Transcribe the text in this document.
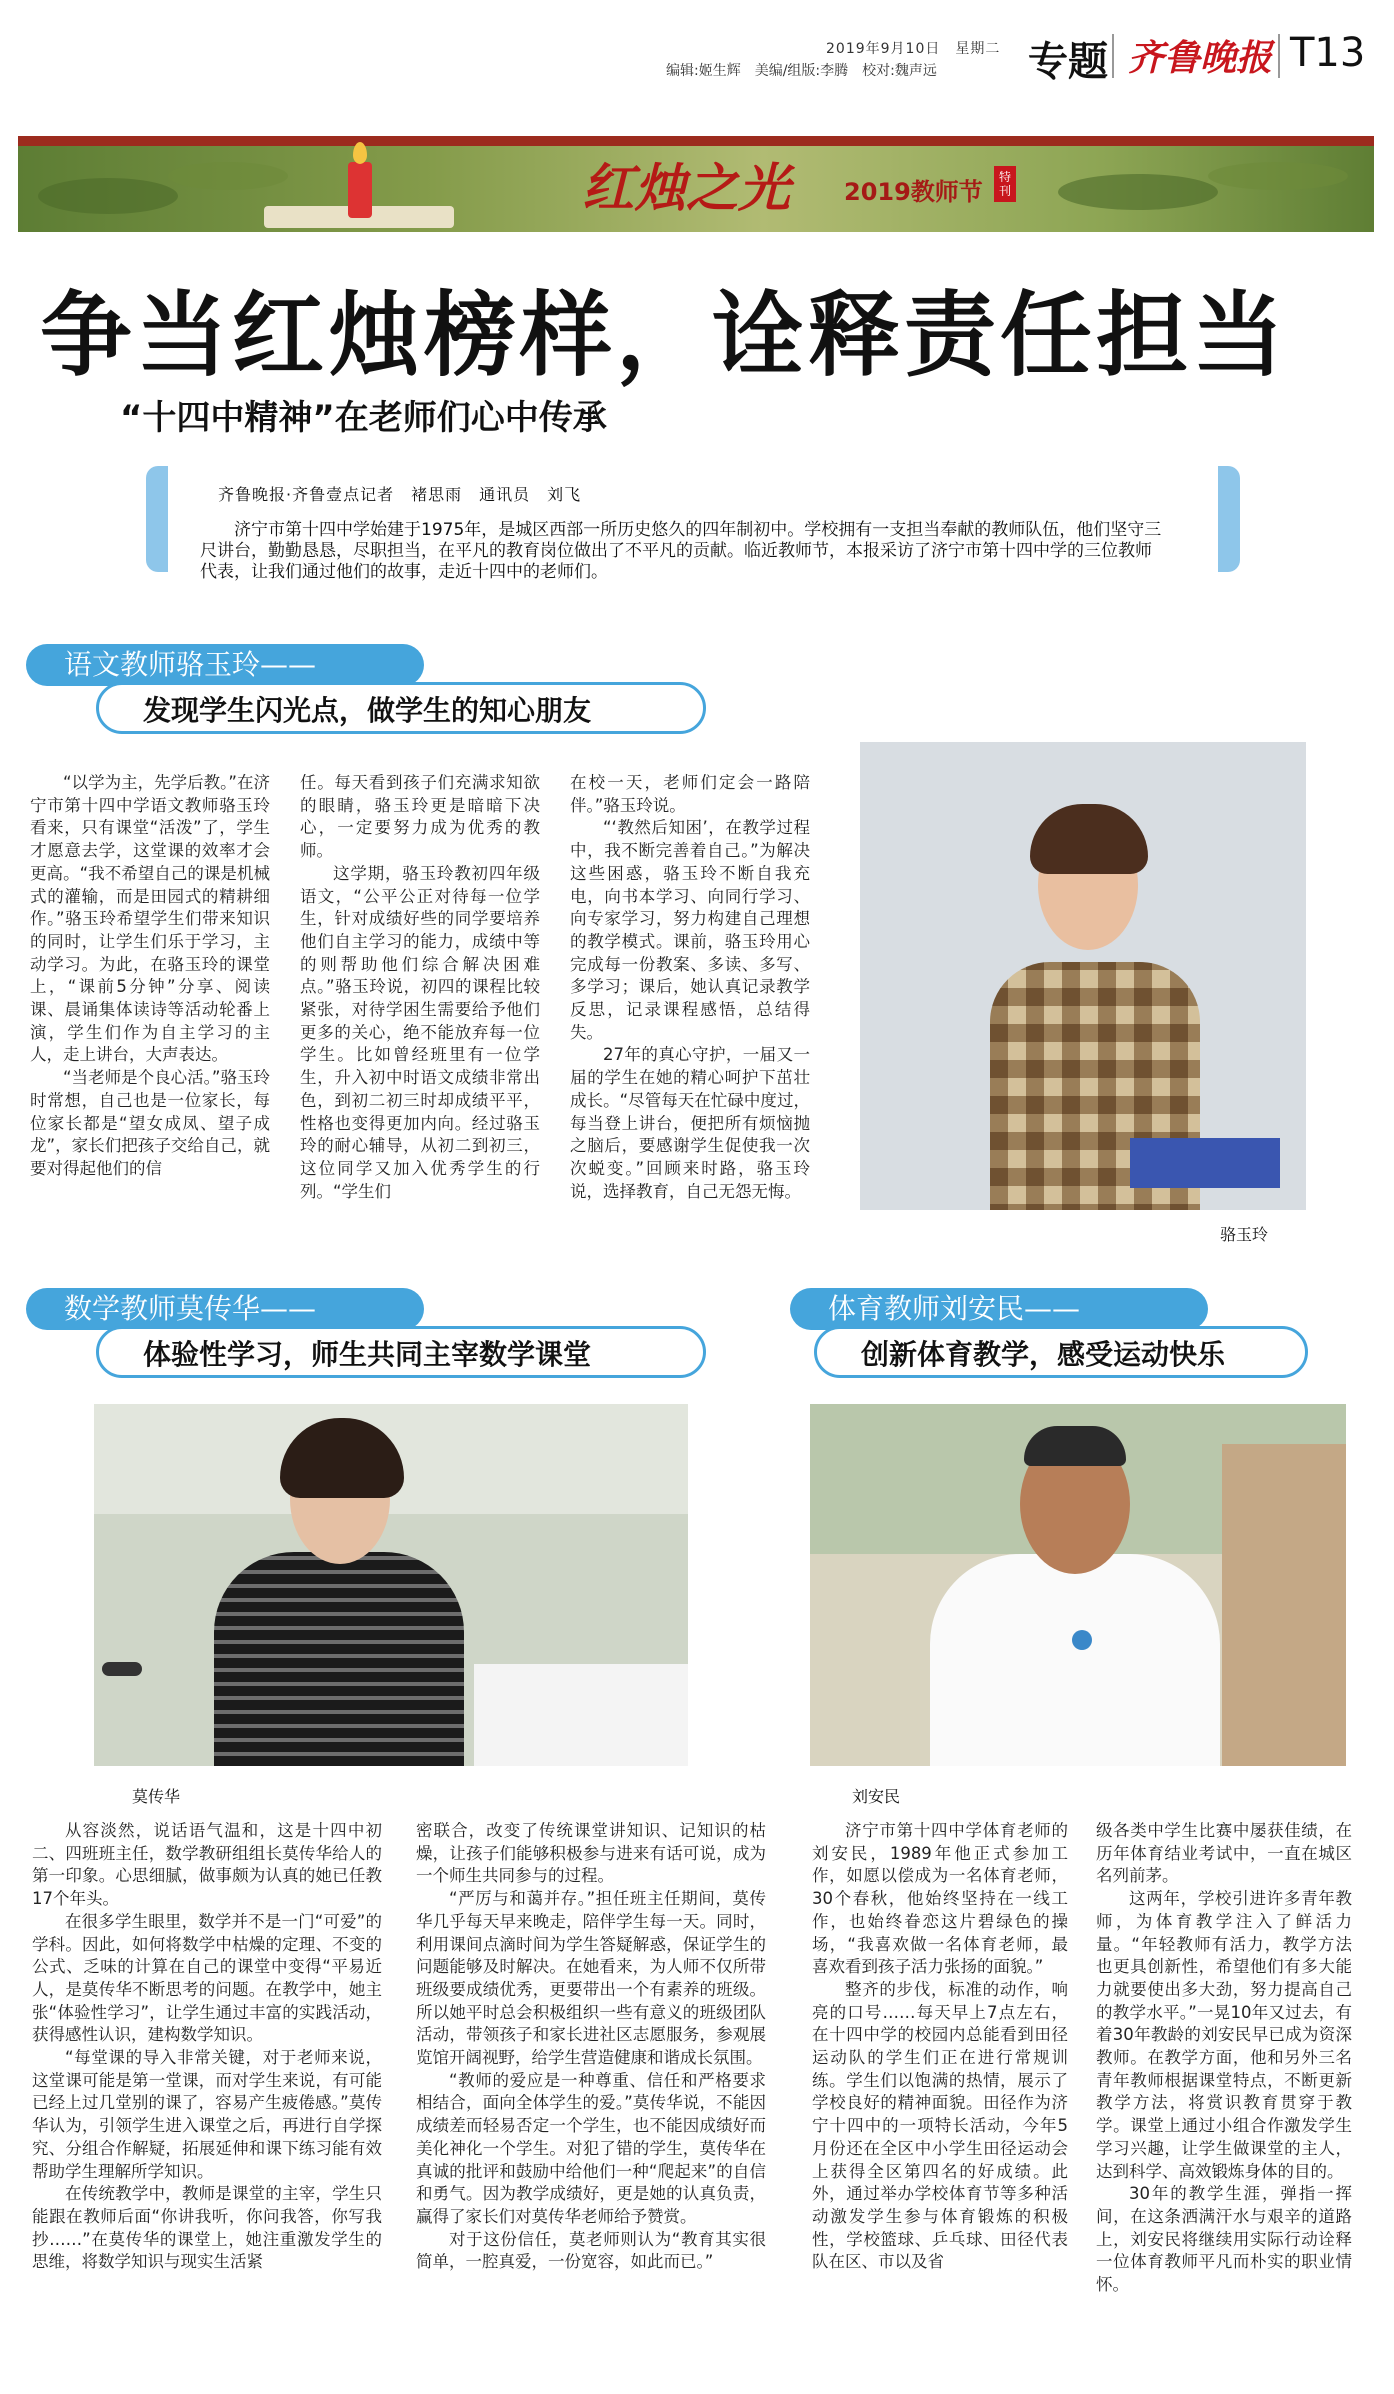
2019年9月10日　星期二
编辑:姬生辉　美编/组版:李腾　校对:魏声远 专题 齐鲁晚报 T13
红烛之光 2019教师节
特刊
争当红烛榜样，诠释责任担当
“十四中精神”在老师们心中传承
齐鲁晚报·齐鲁壹点记者　褚思雨　通讯员　刘飞
济宁市第十四中学始建于1975年，是城区西部一所历史悠久的四年制初中。学校拥有一支担当奉献的教师队伍，他们坚守三尺讲台，勤勤恳恳，尽职担当，在平凡的教育岗位做出了不平凡的贡献。临近教师节，本报采访了济宁市第十四中学的三位教师代表，让我们通过他们的故事，走近十四中的老师们。
语文教师骆玉玲——
发现学生闪光点，做学生的知心朋友

“以学为主，先学后教。”在济宁市第十四中学语文教师骆玉玲看来，只有课堂“活泼”了，学生才愿意去学，这堂课的效率才会更高。“我不希望自己的课是机械式的灌输，而是田园式的精耕细作。”骆玉玲希望学生们带来知识的同时，让学生们乐于学习，主动学习。为此，在骆玉玲的课堂上，“课前5分钟”分享、阅读课、晨诵集体读诗等活动轮番上演，学生们作为自主学习的主人，走上讲台，大声表达。

“当老师是个良心活。”骆玉玲时常想，自己也是一位家长，每位家长都是“望女成凤、望子成龙”，家长们把孩子交给自己，就要对得起他们的信

任。每天看到孩子们充满求知欲的眼睛，骆玉玲更是暗暗下决心，一定要努力成为优秀的教师。

这学期，骆玉玲教初四年级语文，“公平公正对待每一位学生，针对成绩好些的同学要培养他们自主学习的能力，成绩中等的则帮助他们综合解决困难点。”骆玉玲说，初四的课程比较紧张，对待学困生需要给予他们更多的关心，绝不能放弃每一位学生。比如曾经班里有一位学生，升入初中时语文成绩非常出色，到初二初三时却成绩平平，性格也变得更加内向。经过骆玉玲的耐心辅导，从初二到初三，这位同学又加入优秀学生的行列。“学生们

在校一天，老师们定会一路陪伴。”骆玉玲说。

“‘教然后知困’，在教学过程中，我不断完善着自己。”为解决这些困惑，骆玉玲不断自我充电，向书本学习、向同行学习、向专家学习，努力构建自己理想的教学模式。课前，骆玉玲用心完成每一份教案、多读、多写、多学习；课后，她认真记录教学反思，记录课程感悟，总结得失。

27年的真心守护，一届又一届的学生在她的精心呵护下茁壮成长。“尽管每天在忙碌中度过，每当登上讲台，便把所有烦恼抛之脑后，要感谢学生促使我一次次蜕变。”回顾来时路，骆玉玲说，选择教育，自己无怨无悔。

骆玉玲
数学教师莫传华——
体验性学习，师生共同主宰数学课堂
莫传华

从容淡然，说话语气温和，这是十四中初二、四班班主任，数学教研组组长莫传华给人的第一印象。心思细腻，做事颇为认真的她已任教17个年头。

在很多学生眼里，数学并不是一门“可爱”的学科。因此，如何将数学中枯燥的定理、不变的公式、乏味的计算在自己的课堂中变得“平易近人，是莫传华不断思考的问题。在教学中，她主张“体验性学习”，让学生通过丰富的实践活动，获得感性认识，建构数学知识。

“每堂课的导入非常关键，对于老师来说，这堂课可能是第一堂课，而对学生来说，有可能已经上过几堂别的课了，容易产生疲倦感。”莫传华认为，引领学生进入课堂之后，再进行自学探究、分组合作解疑，拓展延伸和课下练习能有效帮助学生理解所学知识。

在传统教学中，教师是课堂的主宰，学生只能跟在教师后面“你讲我听，你问我答，你写我抄……”在莫传华的课堂上，她注重激发学生的思维，将数学知识与现实生活紧

密联合，改变了传统课堂讲知识、记知识的枯燥，让孩子们能够积极参与进来有话可说，成为一个师生共同参与的过程。

“严厉与和蔼并存。”担任班主任期间，莫传华几乎每天早来晚走，陪伴学生每一天。同时，利用课间点滴时间为学生答疑解惑，保证学生的问题能够及时解决。在她看来，为人师不仅所带班级要成绩优秀，更要带出一个有素养的班级。所以她平时总会积极组织一些有意义的班级团队活动，带领孩子和家长进社区志愿服务，参观展览馆开阔视野，给学生营造健康和谐成长氛围。

“教师的爱应是一种尊重、信任和严格要求相结合，面向全体学生的爱。”莫传华说，不能因成绩差而轻易否定一个学生，也不能因成绩好而美化神化一个学生。对犯了错的学生，莫传华在真诚的批评和鼓励中给他们一种“爬起来”的自信和勇气。因为教学成绩好，更是她的认真负责，赢得了家长们对莫传华老师给予赞赏。

对于这份信任，莫老师则认为“教育其实很简单，一腔真爱，一份宽容，如此而已。”

体育教师刘安民——
创新体育教学，感受运动快乐
刘安民

济宁市第十四中学体育老师的刘安民，1989年他正式参加工作，如愿以偿成为一名体育老师，30个春秋，他始终坚持在一线工作，也始终眷恋这片碧绿色的操场，“我喜欢做一名体育老师，最喜欢看到孩子活力张扬的面貌。”

整齐的步伐，标准的动作，响亮的口号……每天早上7点左右，在十四中学的校园内总能看到田径运动队的学生们正在进行常规训练。学生们以饱满的热情，展示了学校良好的精神面貌。田径作为济宁十四中的一项特长活动，今年5月份还在全区中小学生田径运动会上获得全区第四名的好成绩。此外，通过举办学校体育节等多种活动激发学生参与体育锻炼的积极性，学校篮球、乒乓球、田径代表队在区、市以及省

级各类中学生比赛中屡获佳绩，在历年体育结业考试中，一直在城区名列前茅。

这两年，学校引进许多青年教师，为体育教学注入了鲜活力量。“年轻教师有活力，教学方法也更具创新性，希望他们有多大能力就要使出多大劲，努力提高自己的教学水平。”一晃10年又过去，有着30年教龄的刘安民早已成为资深教师。在教学方面，他和另外三名青年教师根据课堂特点，不断更新教学方法，将赏识教育贯穿于教学。课堂上通过小组合作激发学生学习兴趣，让学生做课堂的主人，达到科学、高效锻炼身体的目的。

30年的教学生涯，弹指一挥间，在这条洒满汗水与艰辛的道路上，刘安民将继续用实际行动诠释一位体育教师平凡而朴实的职业情怀。
